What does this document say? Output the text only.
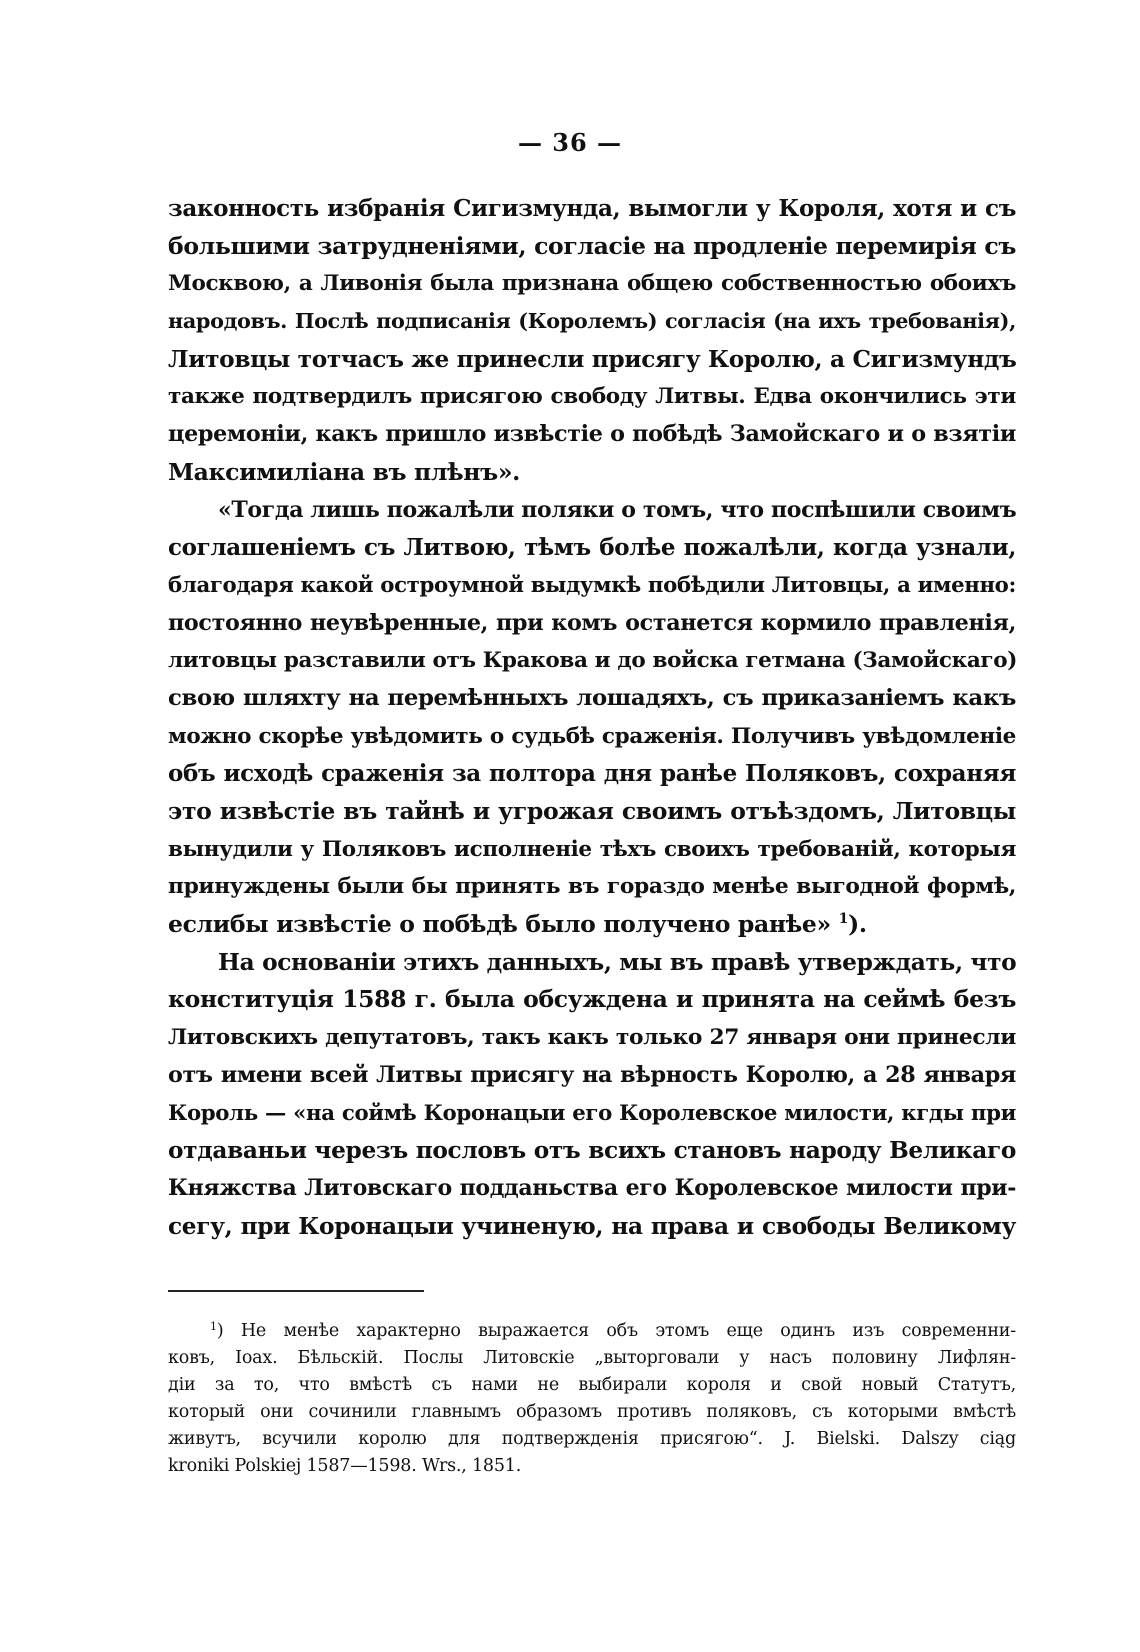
— 36 —
законность избранія Сигизмунда, вымогли у Короля, хотя и съ
большими затрудненіями, согласіе на продленіе перемирія съ
Москвою, а Ливонія была признана общею собственностью обоихъ
народовъ. Послѣ подписанія (Королемъ) согласія (на ихъ требованія),
Литовцы тотчасъ же принесли присягу Королю, а Сигизмундъ
также подтвердилъ присягою свободу Литвы. Едва окончились эти
церемоніи, какъ пришло извѣстіе о побѣдѣ Замойскаго и о взятіи
Максимиліана въ плѣнъ».
«Тогда лишь пожалѣли поляки о томъ, что поспѣшили своимъ
соглашеніемъ съ Литвою, тѣмъ болѣе пожалѣли, когда узнали,
благодаря какой остроумной выдумкѣ побѣдили Литовцы, а именно:
постоянно неувѣренные, при комъ останется кормило правленія,
литовцы разставили отъ Кракова и до войска гетмана (Замойскаго)
свою шляхту на перемѣнныхъ лошадяхъ, съ приказаніемъ какъ
можно скорѣе увѣдомить о судьбѣ сраженія. Получивъ увѣдомленіе
объ исходѣ сраженія за полтора дня ранѣе Поляковъ, сохраняя
это извѣстіе въ тайнѣ и угрожая своимъ отъѣздомъ, Литовцы
вынудили у Поляковъ исполненіе тѣхъ своихъ требованій, которыя
принуждены были бы принять въ гораздо менѣе выгодной формѣ,
еслибы извѣстіе о побѣдѣ было получено ранѣе» $^1$).
На основаніи этихъ данныхъ, мы въ правѣ утверждать, что
конституція 1588 г. была обсуждена и принята на сеймѣ безъ
Литовскихъ депутатовъ, такъ какъ только 27 января они принесли
отъ имени всей Литвы присягу на вѣрность Королю, а 28 января
Король — «на соймѣ Коронацыи его Королевское милости, кгды при
отдаваньи черезъ пословъ отъ всихъ становъ народу Великаго
Княжства Литовскаго подданьства его Королевское милости при-
сегу, при Коронацыи учиненую, на права и свободы Великому
$^1$) Не менѣе характерно выражается объ этомъ еще одинъ изъ современни-
ковъ, Іоах. Бѣльскій. Послы Литовскіе „выторговали у насъ половину Лифлян-
діи за то, что вмѣстѣ съ нами не выбирали короля и свой новый Статутъ,
который они сочинили главнымъ образомъ противъ поляковъ, съ которыми вмѣстѣ
живутъ, всучили королю для подтвержденія присягою“. J. Bielski. Dalszy ciąg
kroniki Polskiej 1587—1598. Wrs., 1851.
